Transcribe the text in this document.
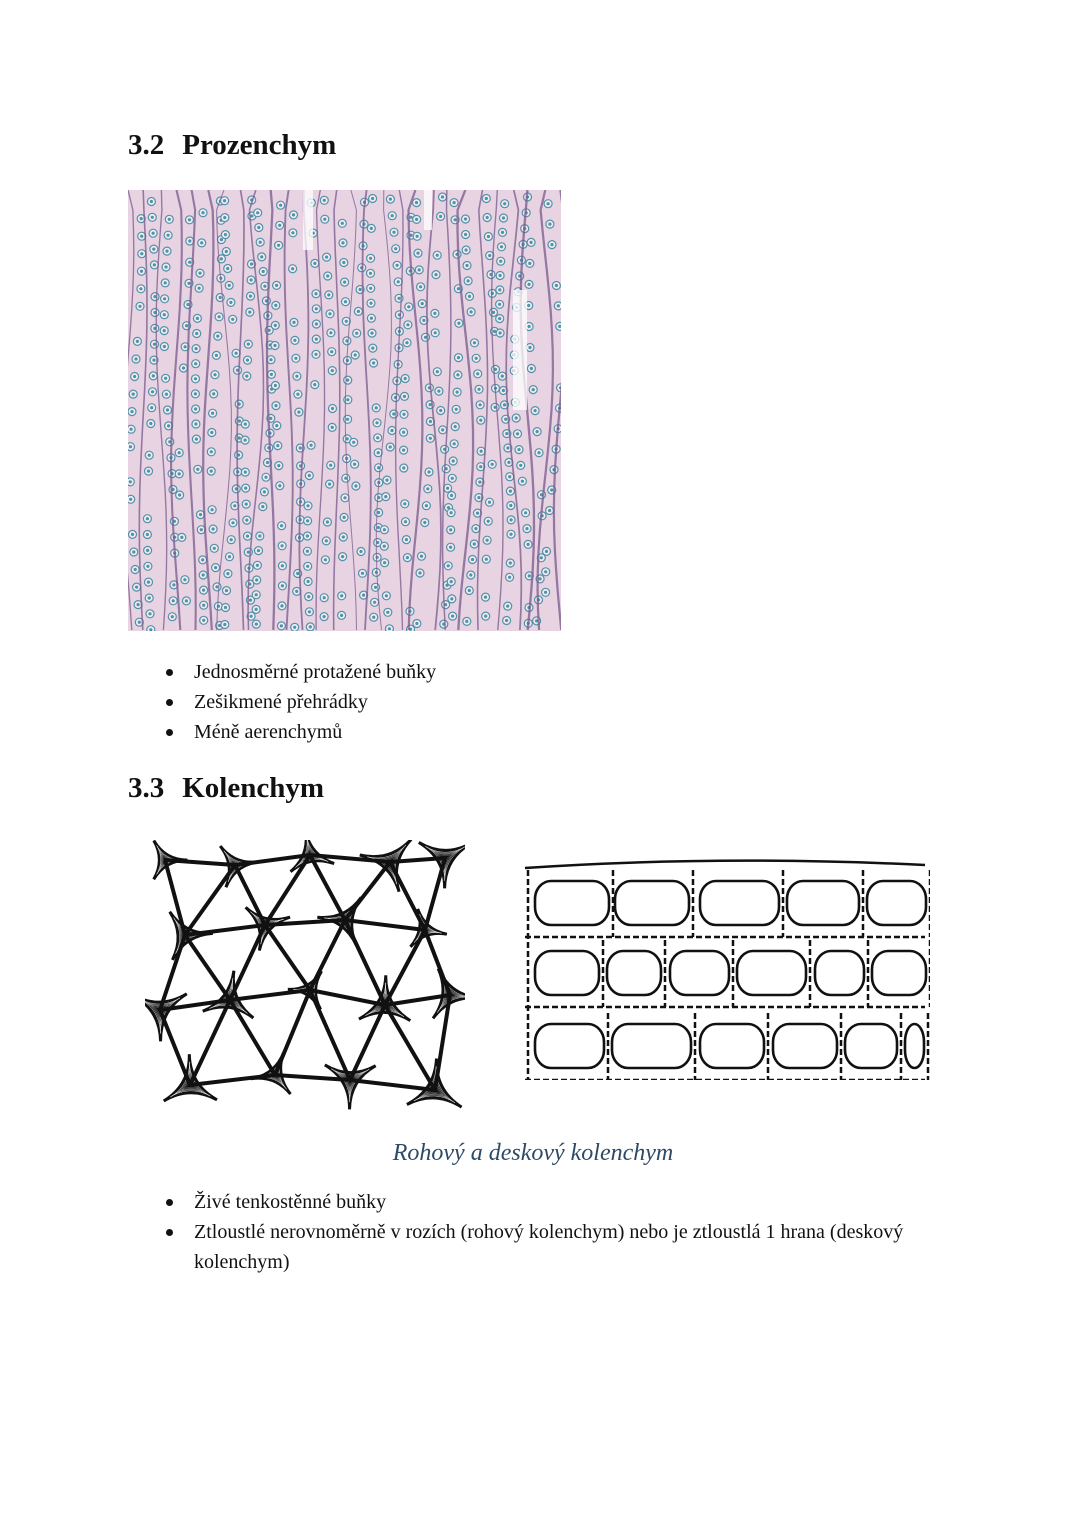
3.2 Prozenchym
Jednosměrné protažené buňky
Zešikmené přehrádky
Méně aerenchymů
3.3 Kolenchym
Rohový a deskový kolenchym
Živé tenkostěnné buňky
Ztloustlé nerovnoměrně v rozích (rohový kolenchym) nebo je ztloustlá 1 hrana (deskový kolenchym)
